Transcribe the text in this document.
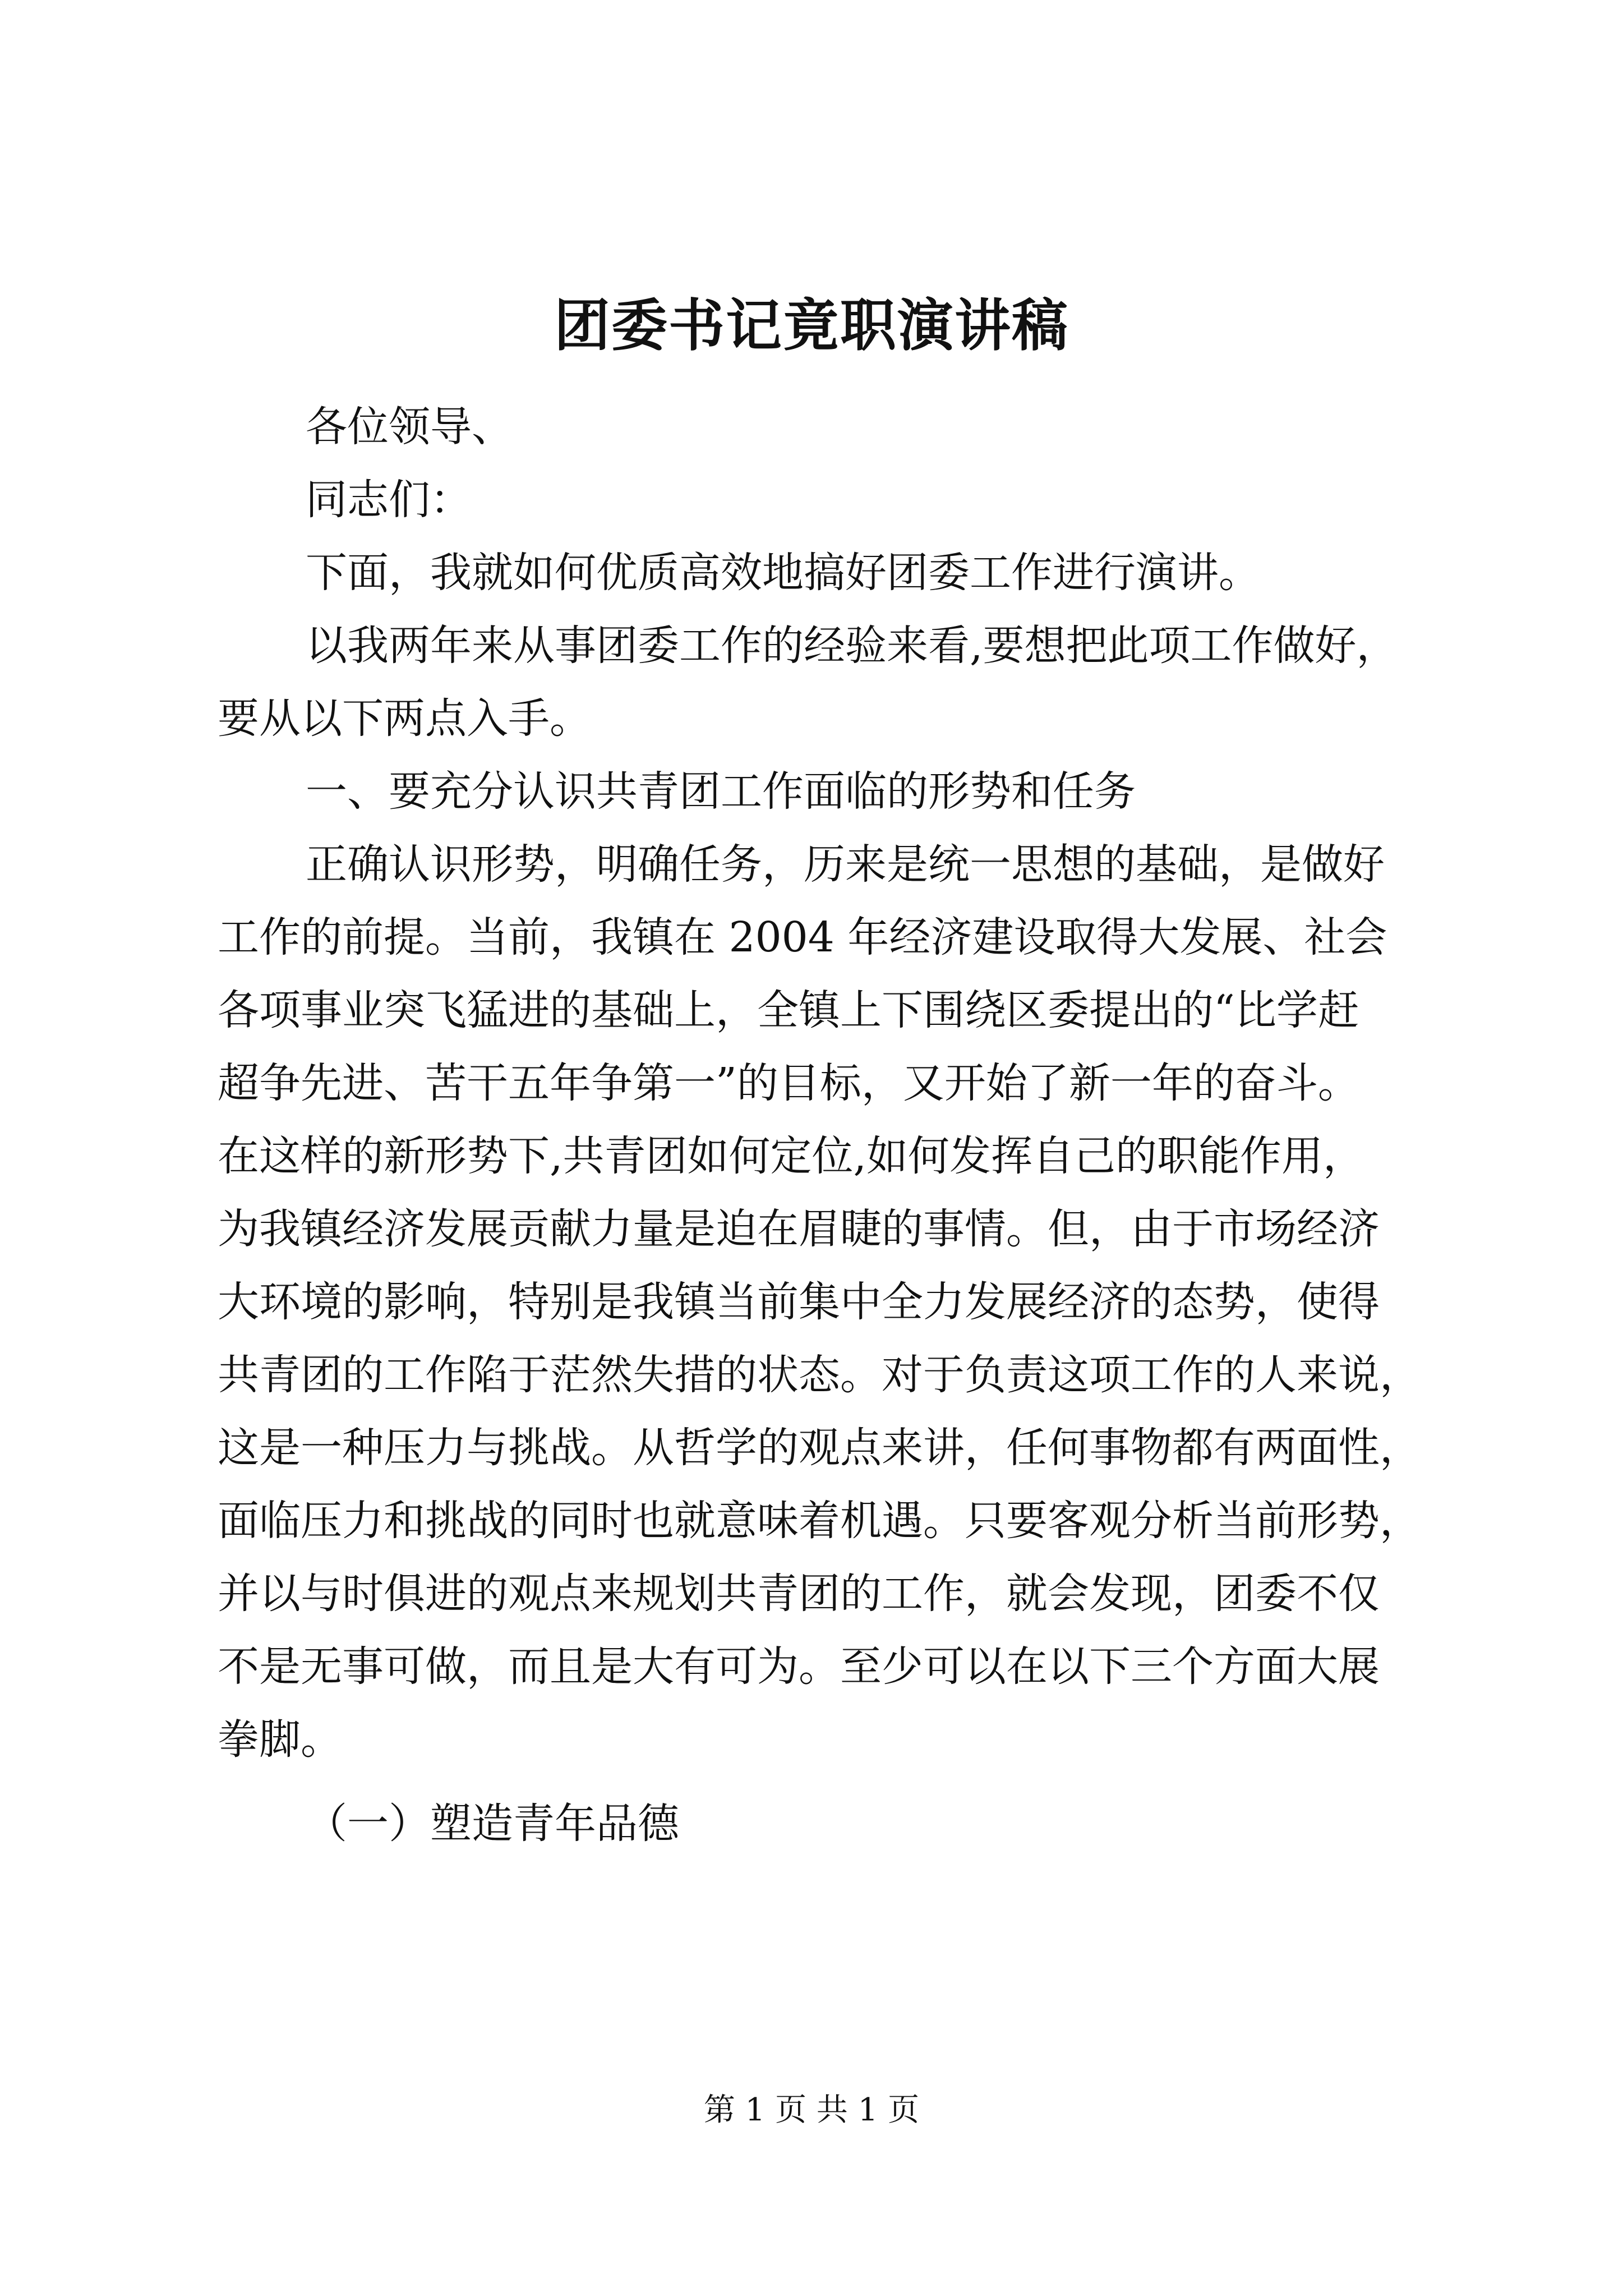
团委书记竟职演讲稿
各位领导、
同志们：
下面，我就如何优质高效地搞好团委工作进行演讲。
以我两年来从事团委工作的经验来看,要想把此项工作做好，
要从以下两点入手。
一、要充分认识共青团工作面临的形势和任务
正确认识形势，明确任务，历来是统一思想的基础，是做好
工作的前提。当前，我镇在 2004 年经济建设取得大发展、社会
各项事业突飞猛进的基础上，全镇上下围绕区委提出的“比学赶
超争先进、苦干五年争第一”的目标，又开始了新一年的奋斗。
在这样的新形势下,共青团如何定位,如何发挥自己的职能作用，
为我镇经济发展贡献力量是迫在眉睫的事情。但，由于市场经济
大环境的影响，特别是我镇当前集中全力发展经济的态势，使得
共青团的工作陷于茫然失措的状态。对于负责这项工作的人来说，
这是一种压力与挑战。从哲学的观点来讲，任何事物都有两面性，
面临压力和挑战的同时也就意味着机遇。只要客观分析当前形势，
并以与时俱进的观点来规划共青团的工作，就会发现，团委不仅
不是无事可做，而且是大有可为。至少可以在以下三个方面大展
拳脚。
（一）塑造青年品德
第 1 页 共 1 页
